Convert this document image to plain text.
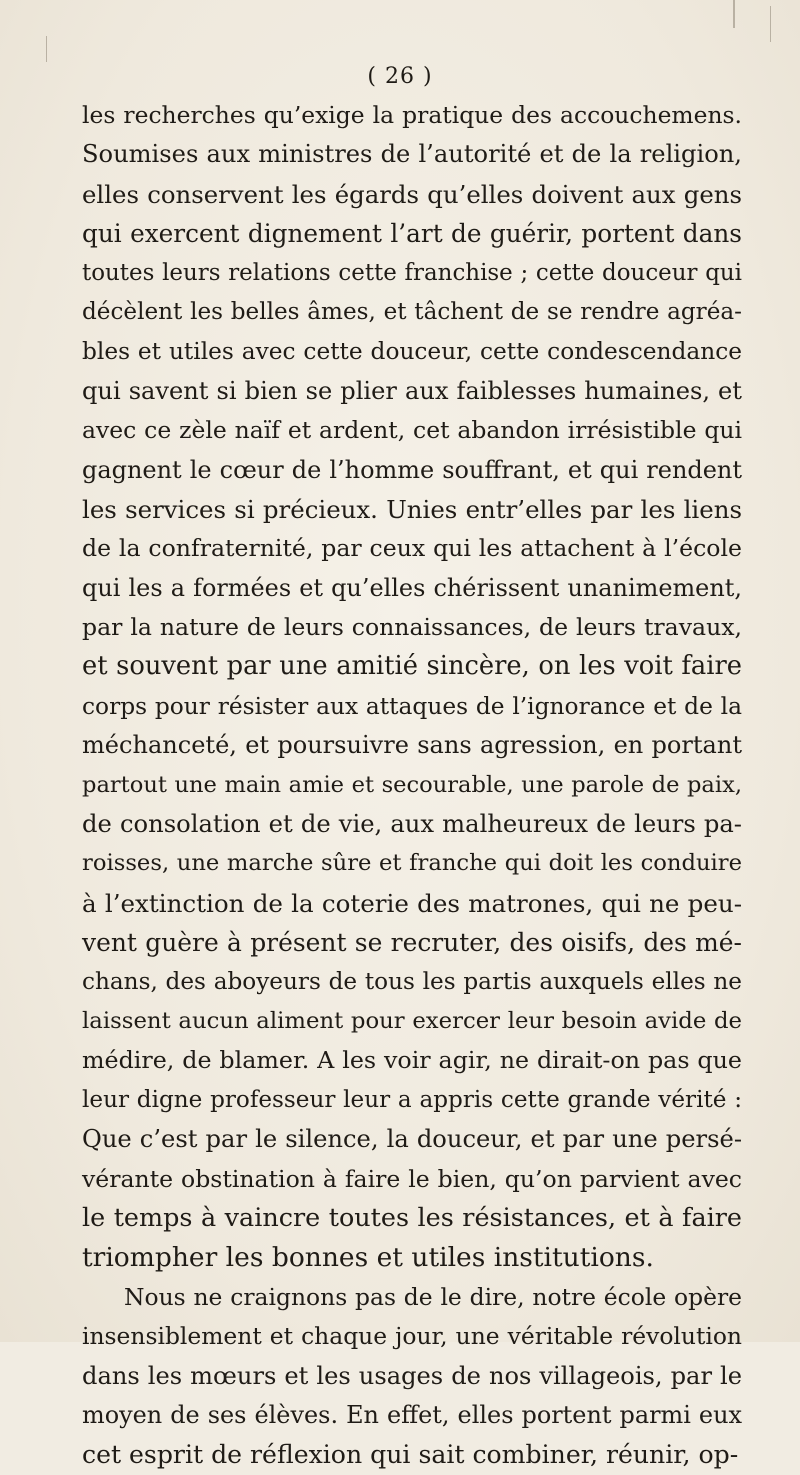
( 26 )
les recherches qu’exige la pratique des accouchemens.
Soumises aux ministres de l’autorité et de la religion,
elles conservent les égards qu’elles doivent aux gens
qui exercent dignement l’art de guérir, portent dans
toutes leurs relations cette franchise ; cette douceur qui
décèlent les belles âmes, et tâchent de se rendre agréa-
bles et utiles avec cette douceur, cette condescendance
qui savent si bien se plier aux faiblesses humaines, et
avec ce zèle naïf et ardent, cet abandon irrésistible qui
gagnent le cœur de l’homme souffrant, et qui rendent
les services si précieux. Unies entr’elles par les liens
de la confraternité, par ceux qui les attachent à l’école
qui les a formées et qu’elles chérissent unanimement,
par la nature de leurs connaissances, de leurs travaux,
et souvent par une amitié sincère, on les voit faire
corps pour résister aux attaques de l’ignorance et de la
méchanceté, et poursuivre sans agression, en portant
partout une main amie et secourable, une parole de paix,
de consolation et de vie, aux malheureux de leurs pa-
roisses, une marche sûre et franche qui doit les conduire
à l’extinction de la coterie des matrones, qui ne peu-
vent guère à présent se recruter, des oisifs, des mé-
chans, des aboyeurs de tous les partis auxquels elles ne
laissent aucun aliment pour exercer leur besoin avide de
médire, de blamer. A les voir agir, ne dirait-on pas que
leur digne professeur leur a appris cette grande vérité :
Que c’est par le silence, la douceur, et par une persé-
vérante obstination à faire le bien, qu’on parvient avec
le temps à vaincre toutes les résistances, et à faire
triompher les bonnes et utiles institutions.
Nous ne craignons pas de le dire, notre école opère
insensiblement et chaque jour, une véritable révolution
dans les mœurs et les usages de nos villageois, par le
moyen de ses élèves. En effet, elles portent parmi eux
cet esprit de réflexion qui sait combiner, réunir, op-
